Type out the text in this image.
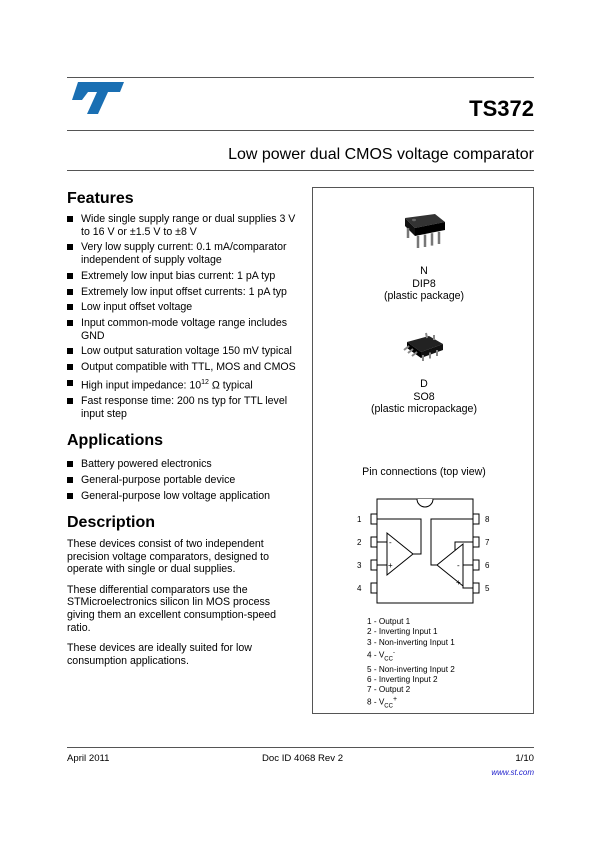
TS372
Low power dual CMOS voltage comparator
Features
Wide single supply range or dual supplies 3 V to 16 V or ±1.5 V to ±8 V
Very low supply current: 0.1 mA/comparator independent of supply voltage
Extremely low input bias current: 1 pA typ
Extremely low input offset currents: 1 pA typ
Low input offset voltage
Input common-mode voltage range includes GND
Low output saturation voltage 150 mV typical
Output compatible with TTL, MOS and CMOS
High input impedance: $10^{12}$ Ω typical
Fast response time: 200 ns typ for TTL level input step
Applications
Battery powered electronics
General-purpose portable device
General-purpose low voltage application
Description

These devices consist of two independent precision voltage comparators, designed to operate with single or dual supplies.

These differential comparators use the STMicroelectronics silicon lin MOS process giving them an excellent consumption-speed ratio.

These devices are ideally suited for low consumption applications.

N
DIP8
(plastic package)
D
SO8
(plastic micropackage)
Pin connections (top view)
1
2
3
4
8
7
6
5
-
+	-
+
1 - Output 1
2 - Inverting Input 1
3 - Non-inverting Input 1
$4 - V_{CC}^-$
5 - Non-inverting Input 2
6 - Inverting Input 2
7 - Output 2
$8 - V_{CC}^+$
April 2011	Doc ID 4068 Rev 2	1/10
www.st.com
